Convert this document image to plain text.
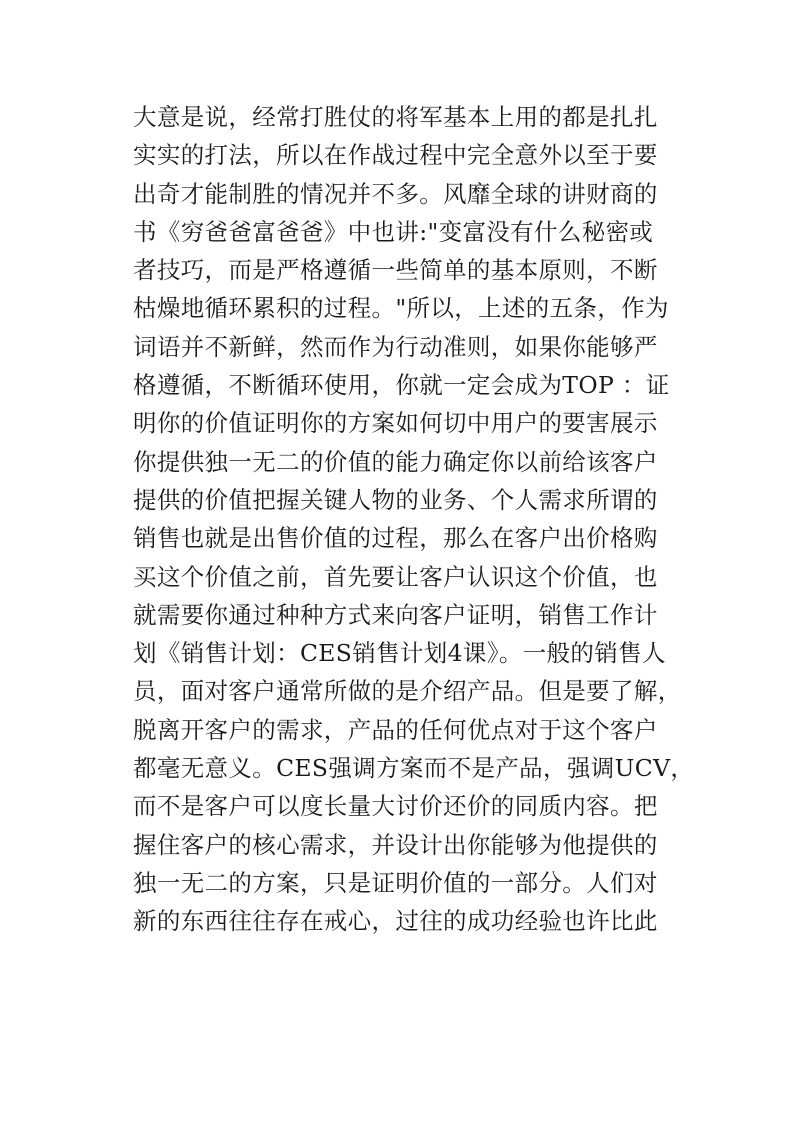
大意是说，经常打胜仗的将军基本上用的都是扎扎
实实的打法，所以在作战过程中完全意外以至于要
出奇才能制胜的情况并不多。风靡全球的讲财商的
书《穷爸爸富爸爸》中也讲:"变富没有什么秘密或
者技巧，而是严格遵循一些简单的基本原则，不断
枯燥地循环累积的过程。"所以，上述的五条，作为
词语并不新鲜，然而作为行动准则，如果你能够严
格遵循，不断循环使用，你就一定会成为TOP ：证
明你的价值证明你的方案如何切中用户的要害展示
你提供独一无二的价值的能力确定你以前给该客户
提供的价值把握关键人物的业务、个人需求所谓的
销售也就是出售价值的过程，那么在客户出价格购
买这个价值之前，首先要让客户认识这个价值，也
就需要你通过种种方式来向客户证明，销售工作计
划《销售计划：CES销售计划4课》。一般的销售人
员，面对客户通常所做的是介绍产品。但是要了解，
脱离开客户的需求，产品的任何优点对于这个客户
都毫无意义。CES强调方案而不是产品，强调UCV，
而不是客户可以度长量大讨价还价的同质内容。把
握住客户的核心需求，并设计出你能够为他提供的
独一无二的方案，只是证明价值的一部分。人们对
新的东西往往存在戒心，过往的成功经验也许比此
